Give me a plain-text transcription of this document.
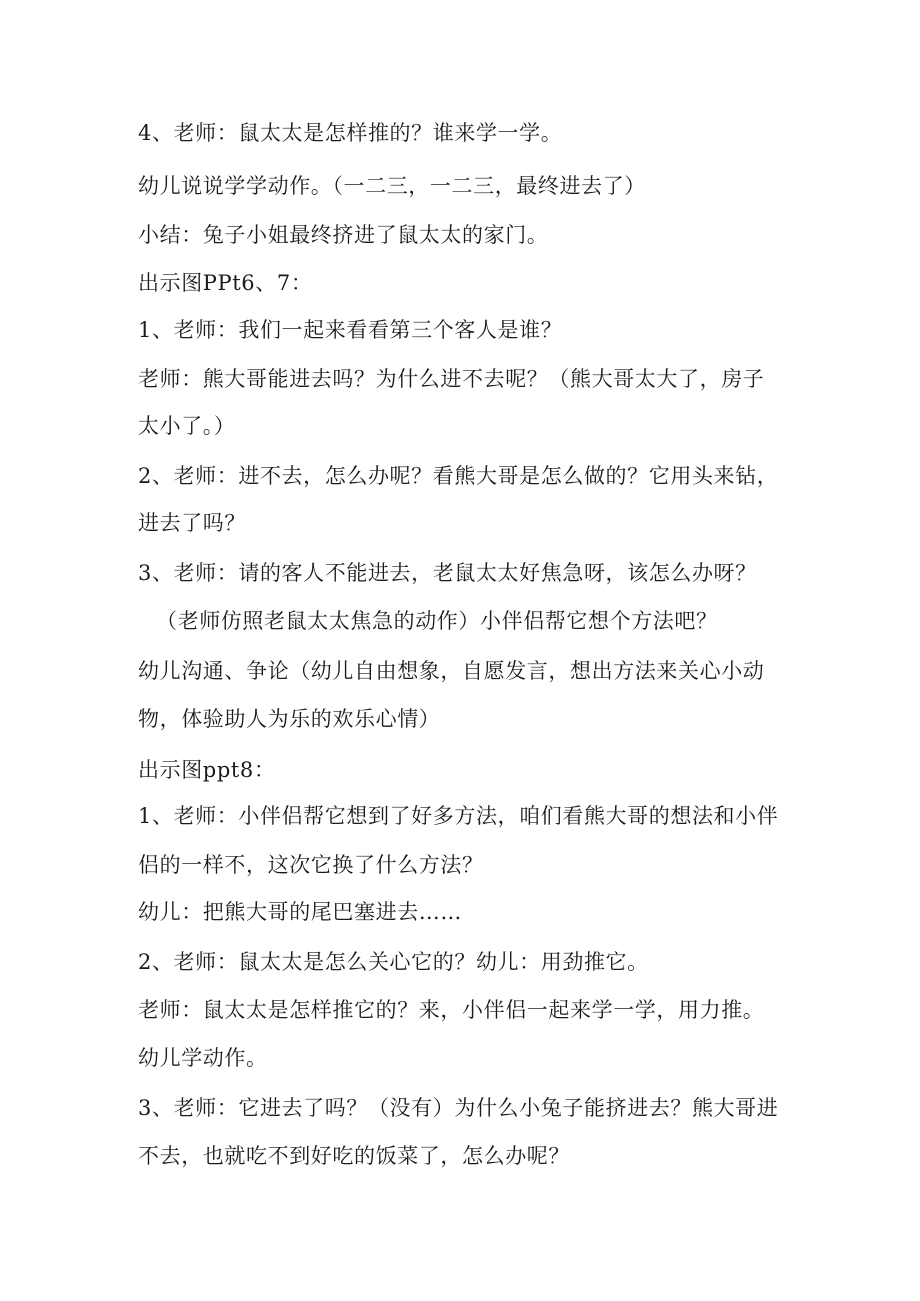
4、老师：鼠太太是怎样推的？谁来学一学。
幼儿说说学学动作。（一二三，一二三，最终进去了）
小结：兔子小姐最终挤进了鼠太太的家门。
出示图PPt6、7：
1、老师：我们一起来看看第三个客人是谁？
老师：熊大哥能进去吗？为什么进不去呢？（熊大哥太大了，房子
太小了。）
2、老师：进不去，怎么办呢？看熊大哥是怎么做的？它用头来钻，
进去了吗？
3、老师：请的客人不能进去，老鼠太太好焦急呀，该怎么办呀？
（老师仿照老鼠太太焦急的动作）小伴侣帮它想个方法吧？
幼儿沟通、争论（幼儿自由想象，自愿发言，想出方法来关心小动
物，体验助人为乐的欢乐心情）
出示图ppt8：
1、老师：小伴侣帮它想到了好多方法，咱们看熊大哥的想法和小伴
侣的一样不，这次它换了什么方法？
幼儿：把熊大哥的尾巴塞进去……
2、老师：鼠太太是怎么关心它的？幼儿：用劲推它。
老师：鼠太太是怎样推它的？来，小伴侣一起来学一学，用力推。
幼儿学动作。
3、老师：它进去了吗？（没有）为什么小兔子能挤进去？熊大哥进
不去，也就吃不到好吃的饭菜了，怎么办呢？
